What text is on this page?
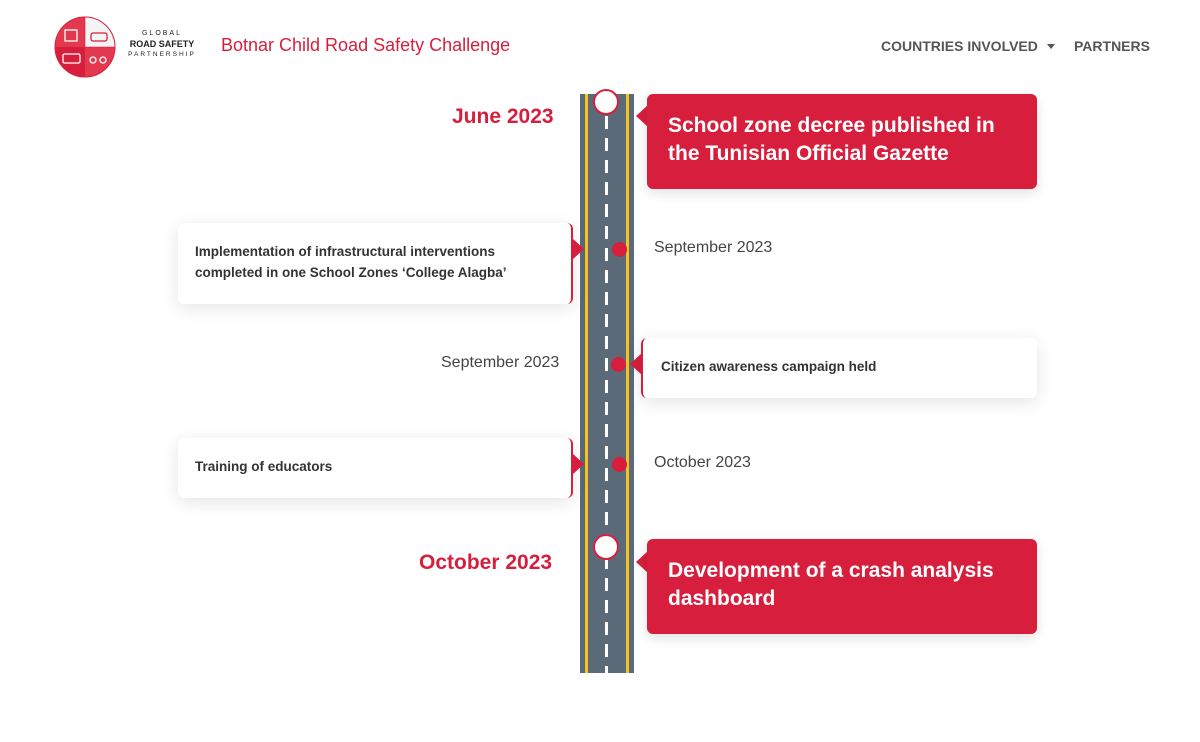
GLOBAL
ROAD SAFETY
PARTNERSHIP	Botnar Child Road Safety Challenge	COUNTRIES INVOLVED	PARTNERS
June 2023	School zone decree published in the Tunisian Official Gazette
Implementation of infrastructural interventions completed in one School Zones ‘College Alagba’
September 2023
September 2023	Citizen awareness campaign held
Training of educators	October 2023
October 2023	Development of a crash analysis dashboard
